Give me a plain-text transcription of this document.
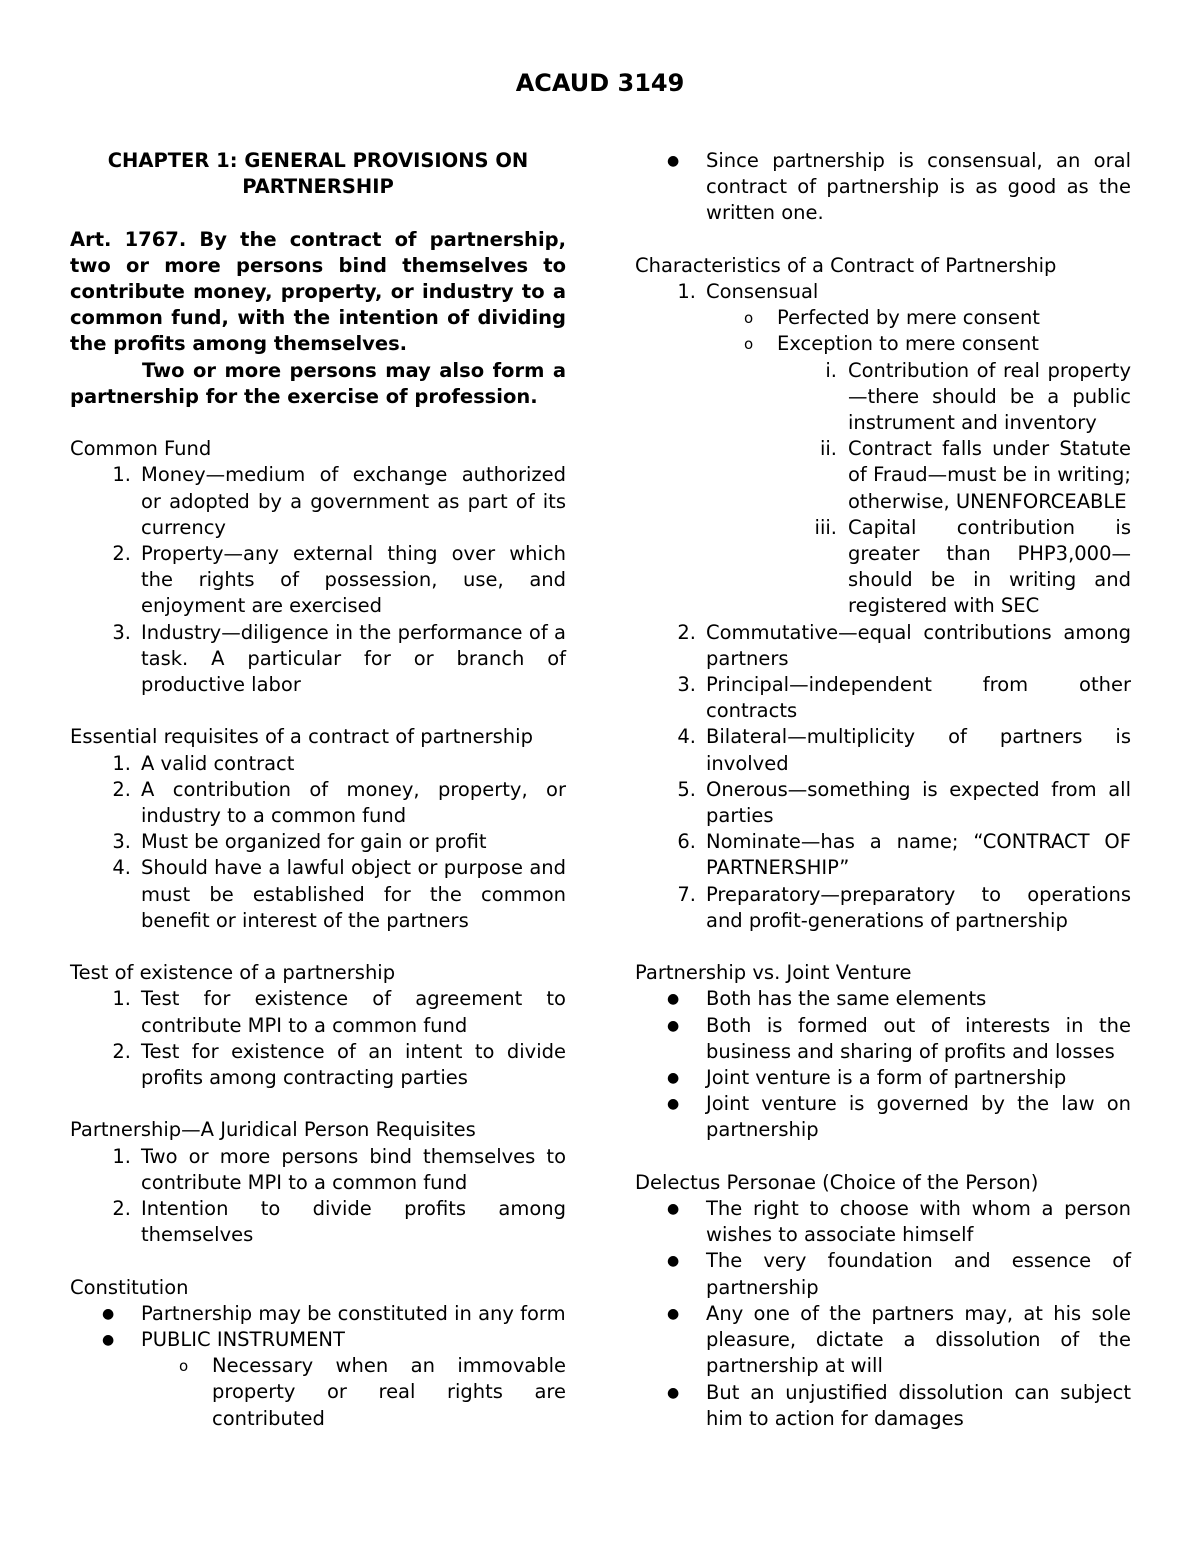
ACAUD 3149

CHAPTER 1: GENERAL PROVISIONS ON
PARTNERSHIP

Art. 1767. By the contract of partnership, two or more persons bind themselves to contribute money, property, or industry to a common fund, with the intention of dividing the profits among themselves.

Two or more persons may also form a partnership for the exercise of profession.

Common Fund

1. Money—medium of exchange authorized or adopted by a government as part of its currency
2. Property—any external thing over which the rights of possession, use, and enjoyment are exercised
3. Industry—diligence in the performance of a task. A particular for or branch of productive labor

Essential requisites of a contract of partnership

1. A valid contract
2. A contribution of money, property, or industry to a common fund
3. Must be organized for gain or profit
4. Should have a lawful object or purpose and must be established for the common benefit or interest of the partners

Test of existence of a partnership

1. Test for existence of agreement to contribute MPI to a common fund
2. Test for existence of an intent to divide profits among contracting parties

Partnership—A Juridical Person Requisites

1. Two or more persons bind themselves to contribute MPI to a common fund
2. Intention to divide profits among themselves

Constitution

● Partnership may be constituted in any form
● PUBLIC INSTRUMENT
o Necessary when an immovable property or real rights are contributed
● Since partnership is consensual, an oral contract of partnership is as good as the written one.

Characteristics of a Contract of Partnership

1. Consensual
o Perfected by mere consent
o Exception to mere consent
i. Contribution of real property—there should be a public instrument and inventory
ii. Contract falls under Statute of Fraud—must be in writing; otherwise, UNENFORCEABLE
iii. Capital contribution is greater than PHP3,000—should be in writing and registered with SEC
2. Commutative—equal contributions among partners
3. Principal—independent from other contracts
4. Bilateral—multiplicity of partners is involved
5. Onerous—something is expected from all parties
6. Nominate—has a name; “CONTRACT OF PARTNERSHIP”
7. Preparatory—preparatory to operations and profit-generations of partnership

Partnership vs. Joint Venture

● Both has the same elements
● Both is formed out of interests in the business and sharing of profits and losses
● Joint venture is a form of partnership
● Joint venture is governed by the law on partnership

Delectus Personae (Choice of the Person)

● The right to choose with whom a person wishes to associate himself
● The very foundation and essence of partnership
● Any one of the partners may, at his sole pleasure, dictate a dissolution of the partnership at will
● But an unjustified dissolution can subject him to action for damages
